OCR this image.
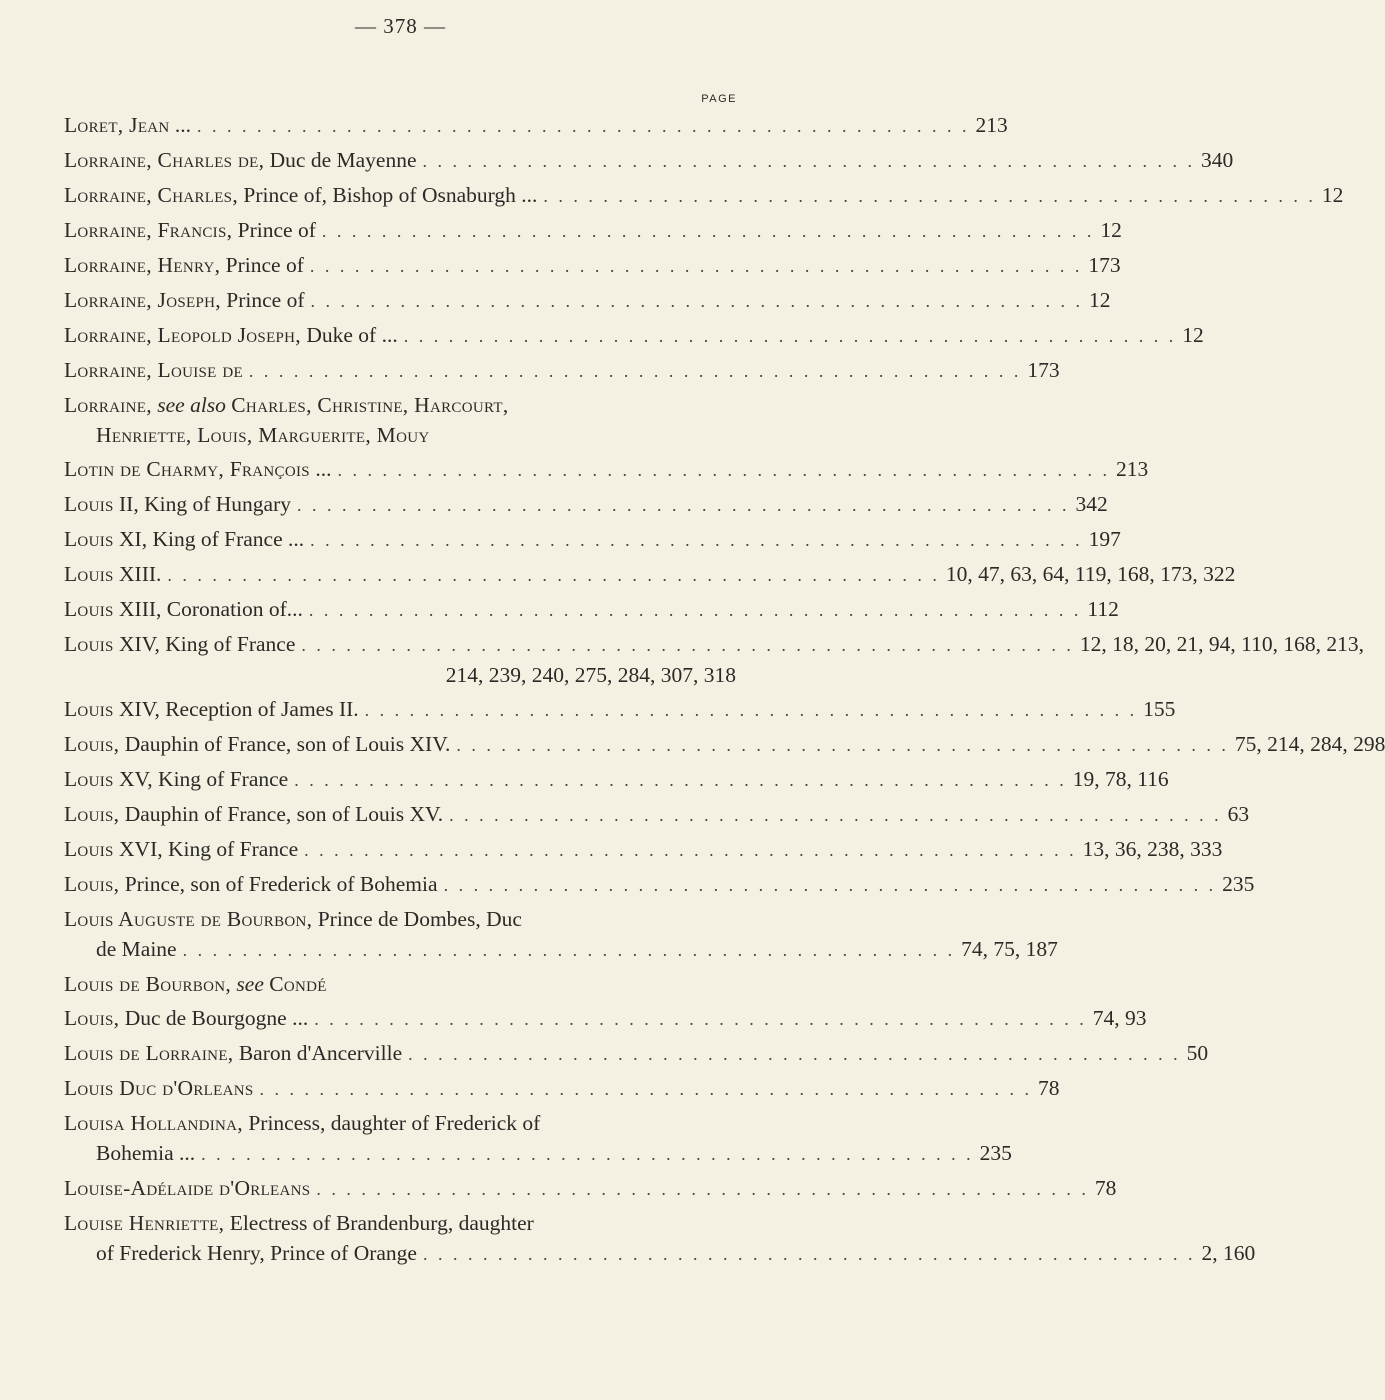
— 378 —
PAGE
Loret, Jean ... . . . . . . . . . . . . . . . . . . . . . . . . . . . . . . . . . . . . . . . . . . . . . . . . . . . . 213
Lorraine, Charles de, Duc de Mayenne . . . . . . . . . . . . . . . . . . . . . . . . . . . . . . . . . . . . . . . . . . . . . . . . . . . . 340
Lorraine, Charles, Prince of, Bishop of Osnaburgh ... . . . . . . . . . . . . . . . . . . . . . . . . . . . . . . . . . . . . . . . . . . . . . . . . . . . . 12
Lorraine, Francis, Prince of . . . . . . . . . . . . . . . . . . . . . . . . . . . . . . . . . . . . . . . . . . . . . . . . . . . . 12
Lorraine, Henry, Prince of . . . . . . . . . . . . . . . . . . . . . . . . . . . . . . . . . . . . . . . . . . . . . . . . . . . . 173
Lorraine, Joseph, Prince of . . . . . . . . . . . . . . . . . . . . . . . . . . . . . . . . . . . . . . . . . . . . . . . . . . . . 12
Lorraine, Leopold Joseph, Duke of ... . . . . . . . . . . . . . . . . . . . . . . . . . . . . . . . . . . . . . . . . . . . . . . . . . . . . 12
Lorraine, Louise de . . . . . . . . . . . . . . . . . . . . . . . . . . . . . . . . . . . . . . . . . . . . . . . . . . . . 173
Lorraine, see also Charles, Christine, Harcourt,
Henriette, Louis, Marguerite, Mouy
Lotin de Charmy, François ... . . . . . . . . . . . . . . . . . . . . . . . . . . . . . . . . . . . . . . . . . . . . . . . . . . . . 213
Louis II, King of Hungary . . . . . . . . . . . . . . . . . . . . . . . . . . . . . . . . . . . . . . . . . . . . . . . . . . . . 342
Louis XI, King of France ... . . . . . . . . . . . . . . . . . . . . . . . . . . . . . . . . . . . . . . . . . . . . . . . . . . . . 197
Louis XIII. . . . . . . . . . . . . . . . . . . . . . . . . . . . . . . . . . . . . . . . . . . . . . . . . . . . . 10, 47, 63, 64, 119, 168, 173, 322
Louis XIII, Coronation of... . . . . . . . . . . . . . . . . . . . . . . . . . . . . . . . . . . . . . . . . . . . . . . . . . . . . 112
Louis XIV, King of France . . . . . . . . . . . . . . . . . . . . . . . . . . . . . . . . . . . . . . . . . . . . . . . . . . . . 12, 18, 20, 21, 94, 110, 168, 213,
214, 239, 240, 275, 284, 307, 318
Louis XIV, Reception of James II. . . . . . . . . . . . . . . . . . . . . . . . . . . . . . . . . . . . . . . . . . . . . . . . . . . . . 155
Louis, Dauphin of France, son of Louis XIV. . . . . . . . . . . . . . . . . . . . . . . . . . . . . . . . . . . . . . . . . . . . . . . . . . . . . 75, 214, 284, 298
Louis XV, King of France . . . . . . . . . . . . . . . . . . . . . . . . . . . . . . . . . . . . . . . . . . . . . . . . . . . . 19, 78, 116
Louis, Dauphin of France, son of Louis XV. . . . . . . . . . . . . . . . . . . . . . . . . . . . . . . . . . . . . . . . . . . . . . . . . . . . . 63
Louis XVI, King of France . . . . . . . . . . . . . . . . . . . . . . . . . . . . . . . . . . . . . . . . . . . . . . . . . . . . 13, 36, 238, 333
Louis, Prince, son of Frederick of Bohemia . . . . . . . . . . . . . . . . . . . . . . . . . . . . . . . . . . . . . . . . . . . . . . . . . . . . 235
Louis Auguste de Bourbon, Prince de Dombes, Duc
de Maine . . . . . . . . . . . . . . . . . . . . . . . . . . . . . . . . . . . . . . . . . . . . . . . . . . . . 74, 75, 187
Louis de Bourbon, see Condé
Louis, Duc de Bourgogne ... . . . . . . . . . . . . . . . . . . . . . . . . . . . . . . . . . . . . . . . . . . . . . . . . . . . . 74, 93
Louis de Lorraine, Baron d'Ancerville . . . . . . . . . . . . . . . . . . . . . . . . . . . . . . . . . . . . . . . . . . . . . . . . . . . . 50
Louis Duc d'Orleans . . . . . . . . . . . . . . . . . . . . . . . . . . . . . . . . . . . . . . . . . . . . . . . . . . . . 78
Louisa Hollandina, Princess, daughter of Frederick of
Bohemia ... . . . . . . . . . . . . . . . . . . . . . . . . . . . . . . . . . . . . . . . . . . . . . . . . . . . . 235
Louise-Adélaide d'Orleans . . . . . . . . . . . . . . . . . . . . . . . . . . . . . . . . . . . . . . . . . . . . . . . . . . . . 78
Louise Henriette, Electress of Brandenburg, daughter
of Frederick Henry, Prince of Orange . . . . . . . . . . . . . . . . . . . . . . . . . . . . . . . . . . . . . . . . . . . . . . . . . . . . 2, 160
